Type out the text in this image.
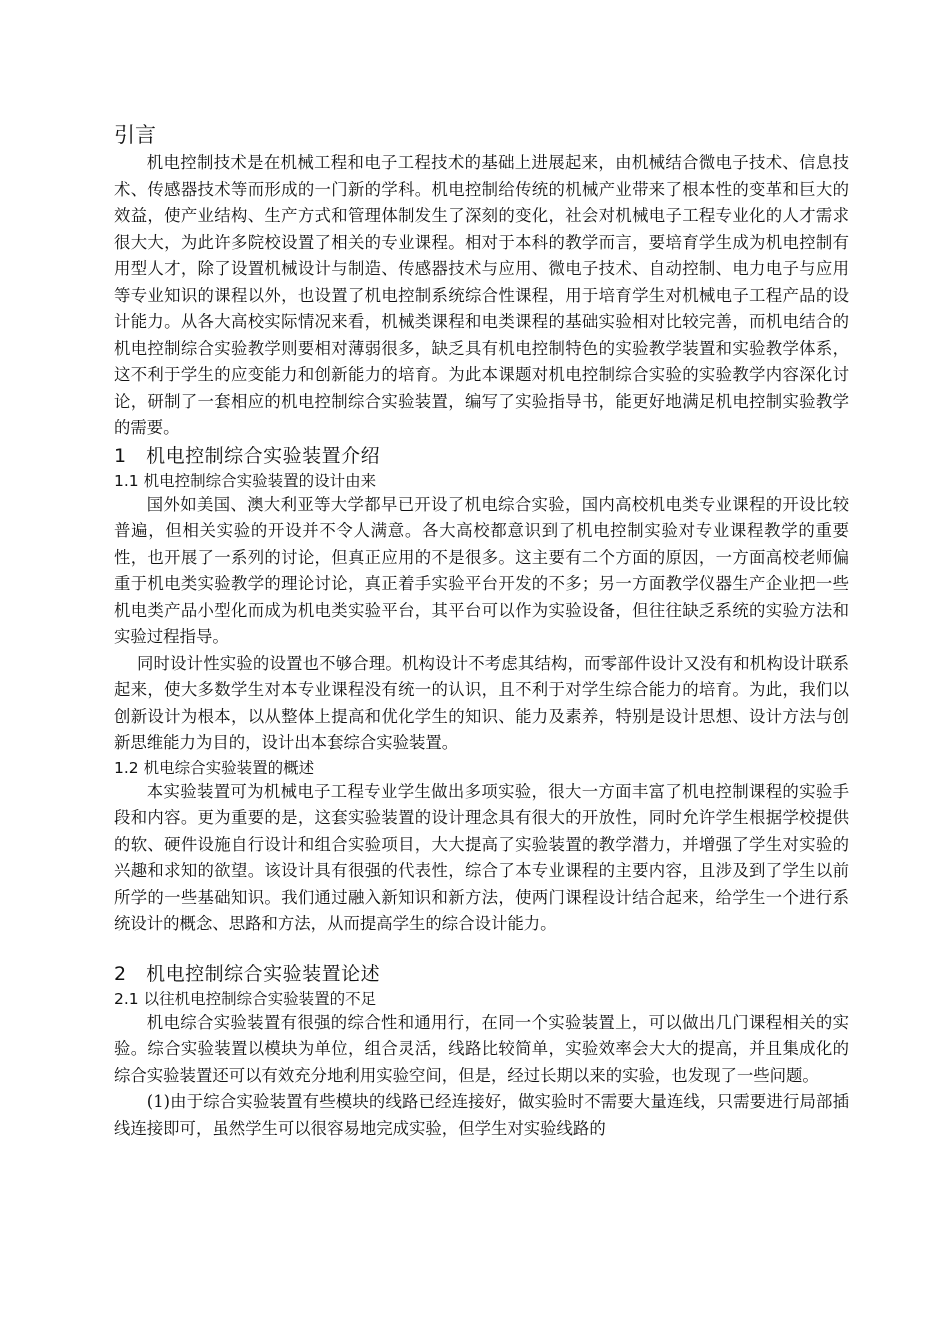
引言

机电控制技术是在机械工程和电子工程技术的基础上进展起来，由机械结合微电子技术、信息技术、传感器技术等而形成的一门新的学科。机电控制给传统的机械产业带来了根本性的变革和巨大的效益，使产业结构、生产方式和管理体制发生了深刻的变化，社会对机械电子工程专业化的人才需求很大大，为此许多院校设置了相关的专业课程。相对于本科的教学而言，要培育学生成为机电控制有用型人才，除了设置机械设计与制造、传感器技术与应用、微电子技术、自动控制、电力电子与应用等专业知识的课程以外，也设置了机电控制系统综合性课程，用于培育学生对机械电子工程产品的设计能力。从各大高校实际情况来看，机械类课程和电类课程的基础实验相对比较完善，而机电结合的机电控制综合实验教学则要相对薄弱很多，缺乏具有机电控制特色的实验教学装置和实验教学体系，这不利于学生的应变能力和创新能力的培育。为此本课题对机电控制综合实验的实验教学内容深化讨论，研制了一套相应的机电控制综合实验装置，编写了实验指导书，能更好地满足机电控制实验教学的需要。

1　机电控制综合实验装置介绍
1.1 机电控制综合实验装置的设计由来

国外如美国、澳大利亚等大学都早已开设了机电综合实验，国内高校机电类专业课程的开设比较普遍，但相关实验的开设并不令人满意。各大高校都意识到了机电控制实验对专业课程教学的重要性，也开展了一系列的讨论，但真正应用的不是很多。这主要有二个方面的原因，一方面高校老师偏重于机电类实验教学的理论讨论，真正着手实验平台开发的不多；另一方面教学仪器生产企业把一些机电类产品小型化而成为机电类实验平台，其平台可以作为实验设备，但往往缺乏系统的实验方法和实验过程指导。

同时设计性实验的设置也不够合理。机构设计不考虑其结构，而零部件设计又没有和机构设计联系起来，使大多数学生对本专业课程没有统一的认识，且不利于对学生综合能力的培育。为此，我们以创新设计为根本，以从整体上提高和优化学生的知识、能力及素养，特别是设计思想、设计方法与创新思维能力为目的，设计出本套综合实验装置。

1.2 机电综合实验装置的概述

本实验装置可为机械电子工程专业学生做出多项实验，很大一方面丰富了机电控制课程的实验手段和内容。更为重要的是，这套实验装置的设计理念具有很大的开放性，同时允许学生根据学校提供的软、硬件设施自行设计和组合实验项目，大大提高了实验装置的教学潜力，并增强了学生对实验的兴趣和求知的欲望。该设计具有很强的代表性，综合了本专业课程的主要内容，且涉及到了学生以前所学的一些基础知识。我们通过融入新知识和新方法，使两门课程设计结合起来，给学生一个进行系统设计的概念、思路和方法，从而提高学生的综合设计能力。

2　机电控制综合实验装置论述
2.1 以往机电控制综合实验装置的不足

机电综合实验装置有很强的综合性和通用行，在同一个实验装置上，可以做出几门课程相关的实验。综合实验装置以模块为单位，组合灵活，线路比较简单，实验效率会大大的提高，并且集成化的综合实验装置还可以有效充分地利用实验空间，但是，经过长期以来的实验，也发现了一些问题。

(1)由于综合实验装置有些模块的线路已经连接好，做实验时不需要大量连线，只需要进行局部插线连接即可，虽然学生可以很容易地完成实验，但学生对实验线路的
